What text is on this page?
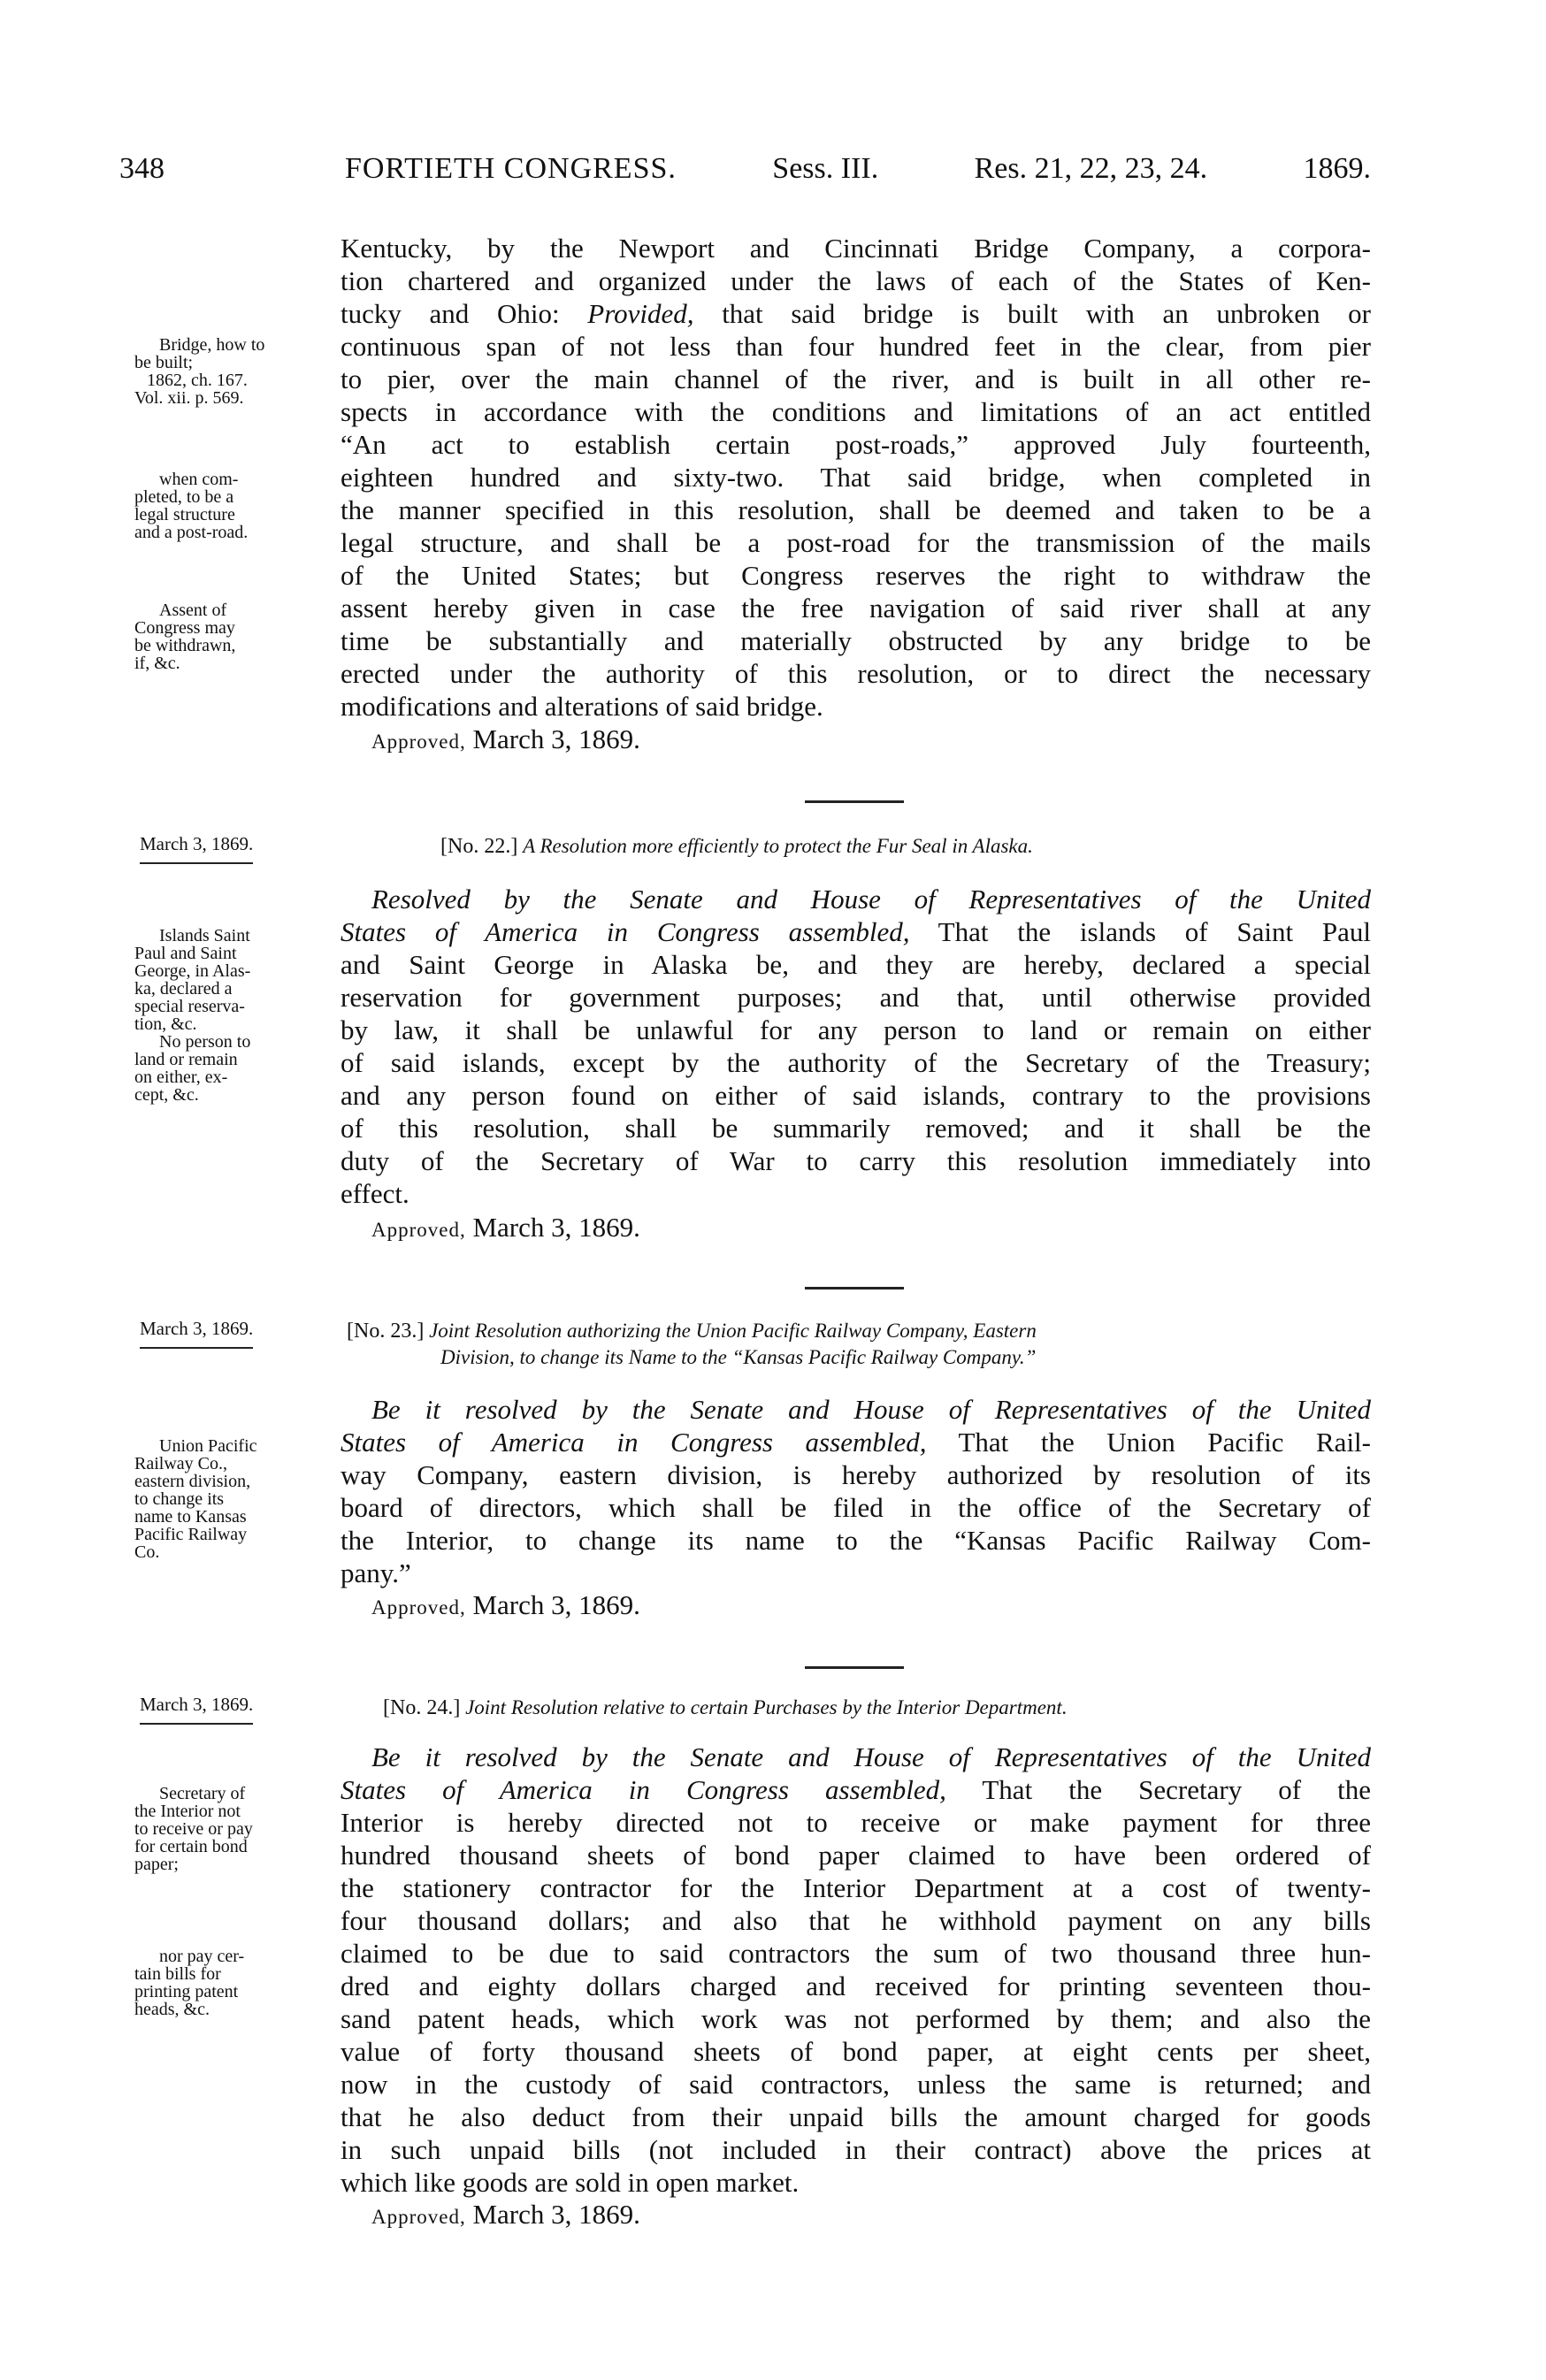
348	FORTIETH CONGRESS.	Sess. III.	Res. 21, 22, 23, 24.	1869.
Kentucky, by the Newport and Cincinnati Bridge Company, a corpora-
tion chartered and organized under the laws of each of the States of Ken-
tucky and Ohio: Provided, that said bridge is built with an unbroken or
continuous span of not less than four hundred feet in the clear, from pier
to pier, over the main channel of the river, and is built in all other re-
spects in accordance with the conditions and limitations of an act entitled
“An act to establish certain post-roads,” approved July fourteenth,
eighteen hundred and sixty-two. That said bridge, when completed in
the manner specified in this resolution, shall be deemed and taken to be a
legal structure, and shall be a post-road for the transmission of the mails
of the United States; but Congress reserves the right to withdraw the
assent hereby given in case the free navigation of said river shall at any
time be substantially and materially obstructed by any bridge to be
erected under the authority of this resolution, or to direct the necessary
modifications and alterations of said bridge.
Approved, March 3, 1869.
Bridge, how to
be built;
1862, ch. 167.
Vol. xii. p. 569.
when com-
pleted, to be a
legal structure
and a post-road.
Assent of
Congress may
be withdrawn,
if, &c.
March 3, 1869.	[No. 22.] A Resolution more efficiently to protect the Fur Seal in Alaska.
Resolved by the Senate and House of Representatives of the United
States of America in Congress assembled, That the islands of Saint Paul
and Saint George in Alaska be, and they are hereby, declared a special
reservation for government purposes; and that, until otherwise provided
by law, it shall be unlawful for any person to land or remain on either
of said islands, except by the authority of the Secretary of the Treasury;
and any person found on either of said islands, contrary to the provisions
of this resolution, shall be summarily removed; and it shall be the
duty of the Secretary of War to carry this resolution immediately into
effect.
Approved, March 3, 1869.
Islands Saint
Paul and Saint
George, in Alas-
ka, declared a
special reserva-
tion, &c.
No person to
land or remain
on either, ex-
cept, &c.
March 3, 1869.	[No. 23.] Joint Resolution authorizing the Union Pacific Railway Company, Eastern
Division, to change its Name to the “Kansas Pacific Railway Company.”
Be it resolved by the Senate and House of Representatives of the United
States of America in Congress assembled, That the Union Pacific Rail-
way Company, eastern division, is hereby authorized by resolution of its
board of directors, which shall be filed in the office of the Secretary of
the Interior, to change its name to the “Kansas Pacific Railway Com-
pany.”
Approved, March 3, 1869.
Union Pacific
Railway Co.,
eastern division,
to change its
name to Kansas
Pacific Railway
Co.
March 3, 1869.	[No. 24.] Joint Resolution relative to certain Purchases by the Interior Department.
Be it resolved by the Senate and House of Representatives of the United
States of America in Congress assembled, That the Secretary of the
Interior is hereby directed not to receive or make payment for three
hundred thousand sheets of bond paper claimed to have been ordered of
the stationery contractor for the Interior Department at a cost of twenty-
four thousand dollars; and also that he withhold payment on any bills
claimed to be due to said contractors the sum of two thousand three hun-
dred and eighty dollars charged and received for printing seventeen thou-
sand patent heads, which work was not performed by them; and also the
value of forty thousand sheets of bond paper, at eight cents per sheet,
now in the custody of said contractors, unless the same is returned; and
that he also deduct from their unpaid bills the amount charged for goods
in such unpaid bills (not included in their contract) above the prices at
which like goods are sold in open market.
Approved, March 3, 1869.
Secretary of
the Interior not
to receive or pay
for certain bond
paper;
nor pay cer-
tain bills for
printing patent
heads, &c.
